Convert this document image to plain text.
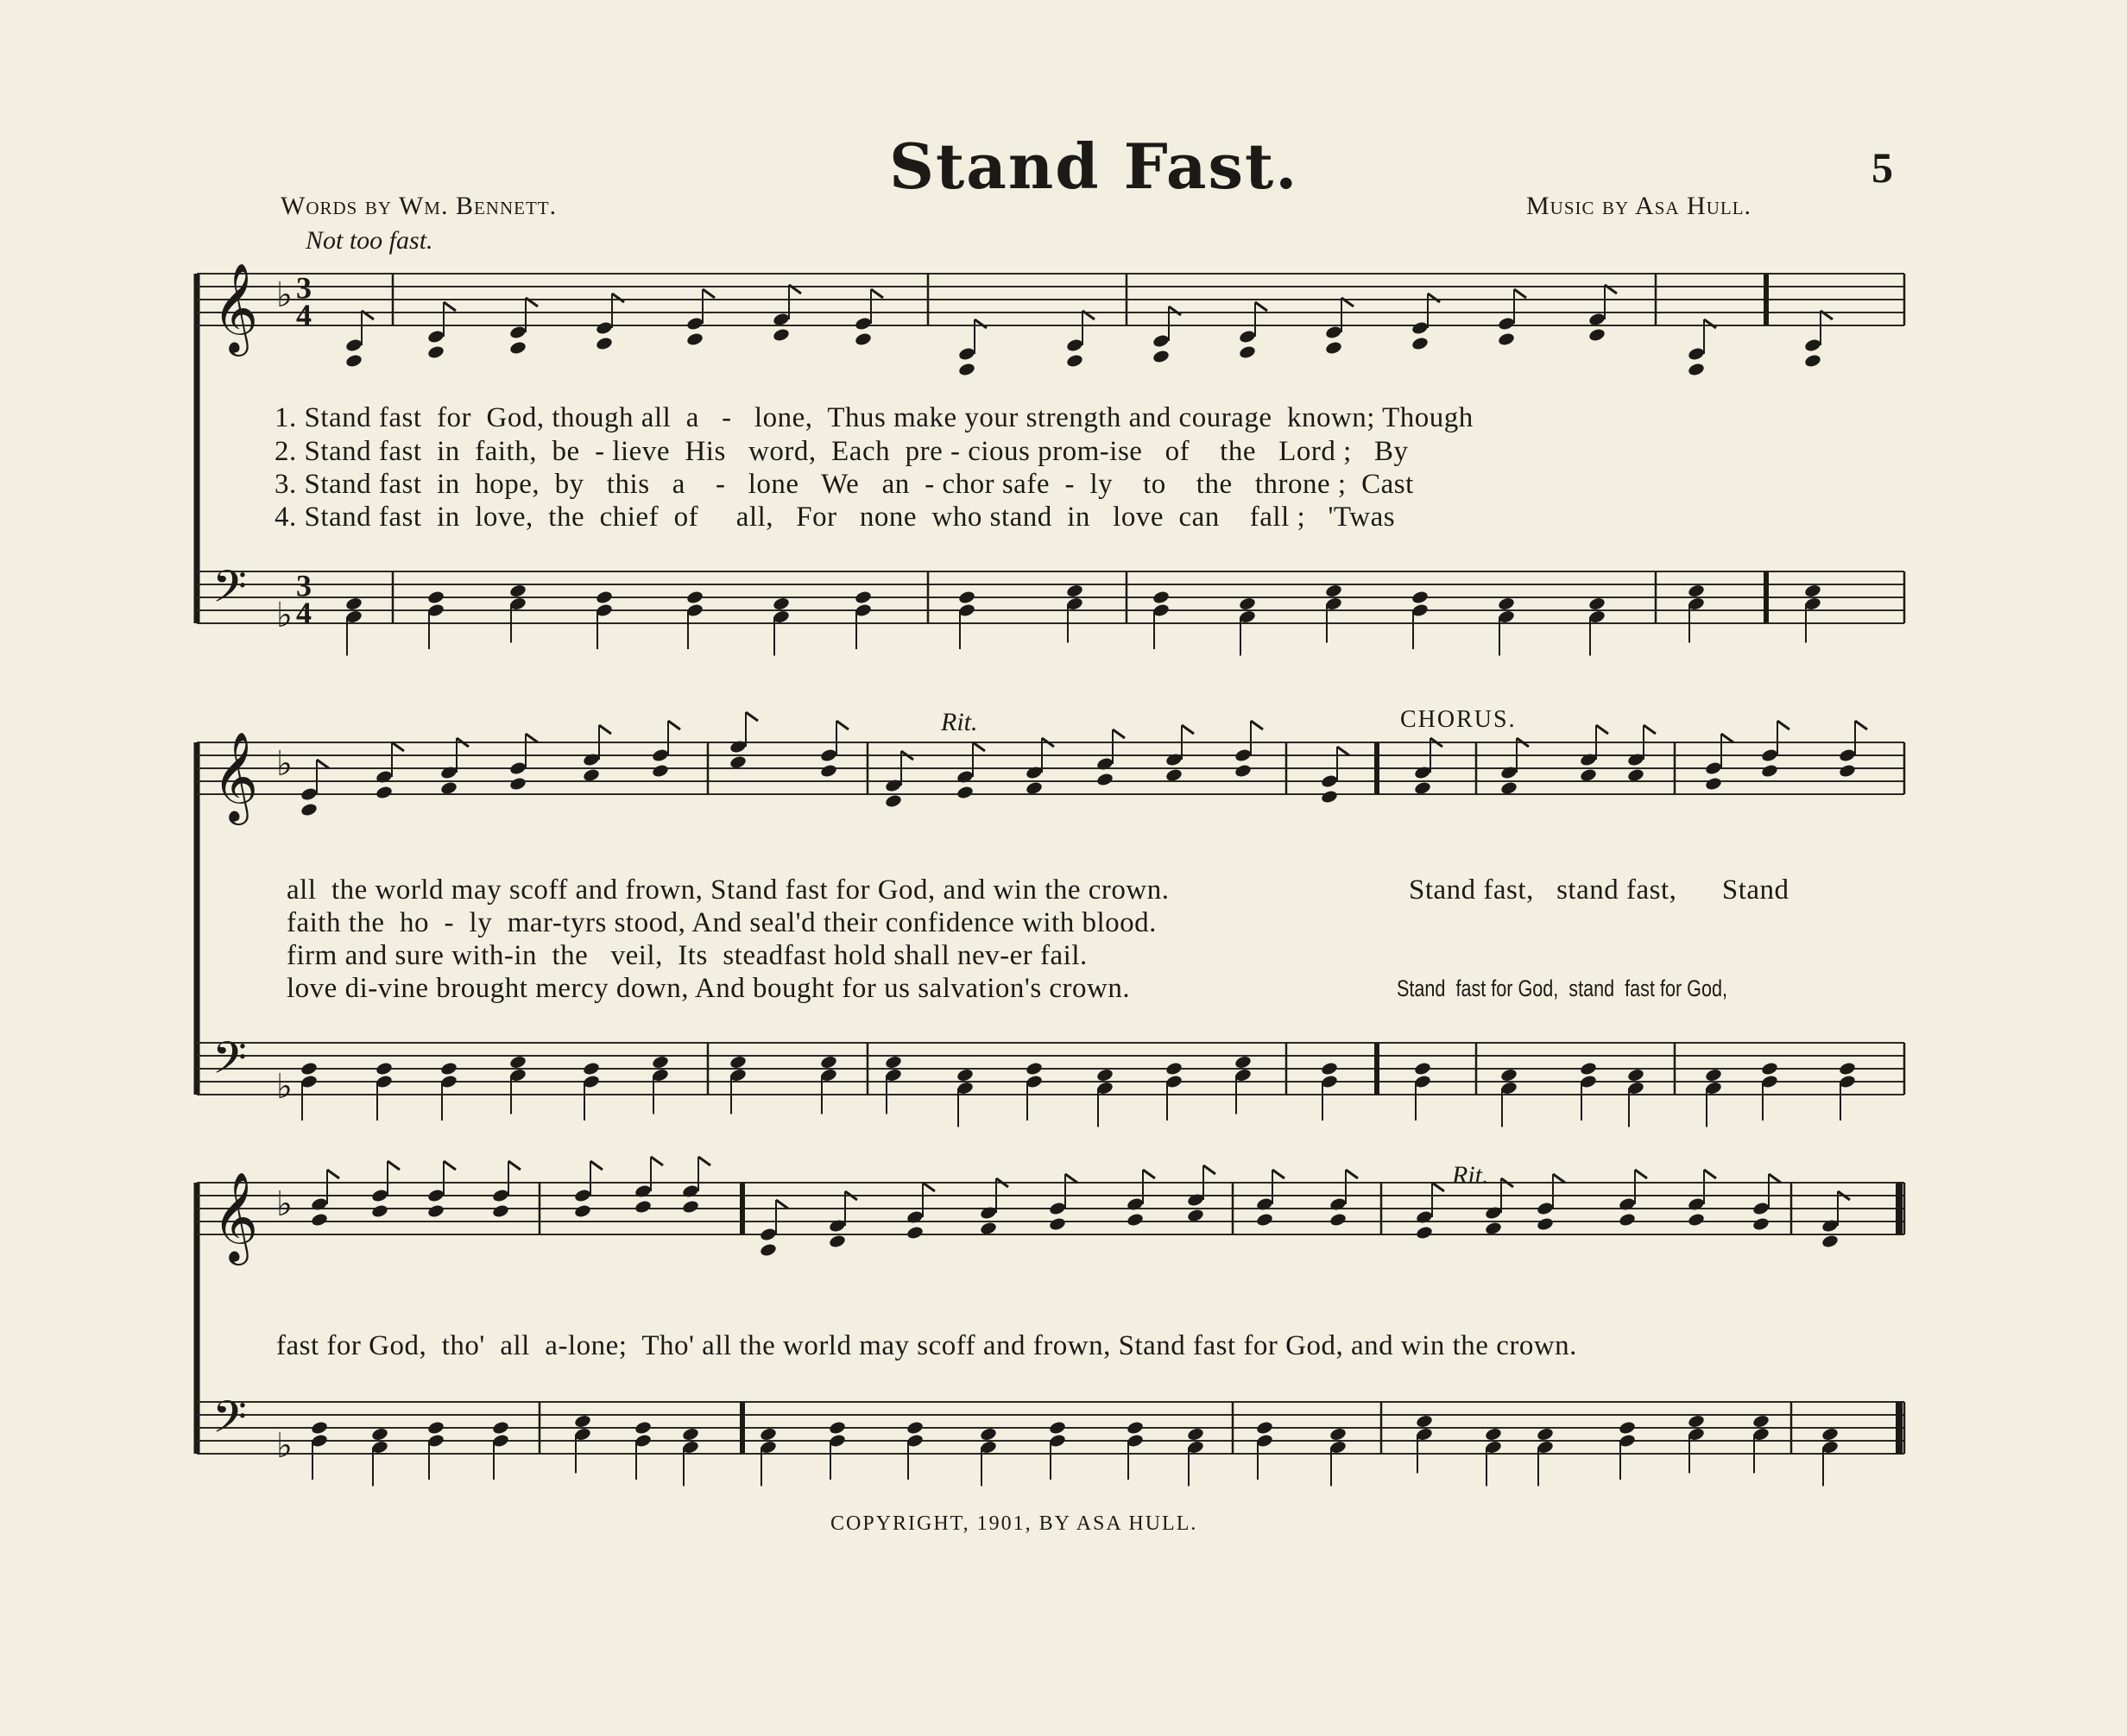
Stand Fast.	5
Words by Wm. Bennett.	Music by Asa Hull.
Not too fast.
Rit.	CHORUS.
Rit.
1. Stand fast  for  God, though all  a   -   lone,  Thus make your strength and courage  known; Though
2. Stand fast  in  faith,  be  - lieve  His   word,  Each  pre - cious prom-ise   of    the   Lord ;   By
3. Stand fast  in  hope,  by   this   a    -   lone   We   an  - chor safe  -  ly    to    the   throne ;  Cast
4. Stand fast  in  love,  the  chief  of     all,   For   none  who stand  in   love  can    fall ;   'Twas
all  the world may scoff and frown, Stand fast for God, and win the crown.
faith the  ho  -  ly  mar-tyrs stood, And seal'd their confidence with blood.
firm and sure with-in  the   veil,  Its  steadfast hold shall nev-er fail.
love di-vine brought mercy down, And bought for us salvation's crown.
Stand fast,   stand fast,      Stand
Stand  fast for God,  stand  fast for God,
fast for God,  tho'  all  a-lone;  Tho' all the world may scoff and frown, Stand fast for God, and win the crown.
COPYRIGHT, 1901, BY ASA HULL.
𝄞 ♭ 3
4
𝄢 ♭
3
4
𝄞 ♭
𝄢 ♭
𝄞 ♭
𝄢 ♭
